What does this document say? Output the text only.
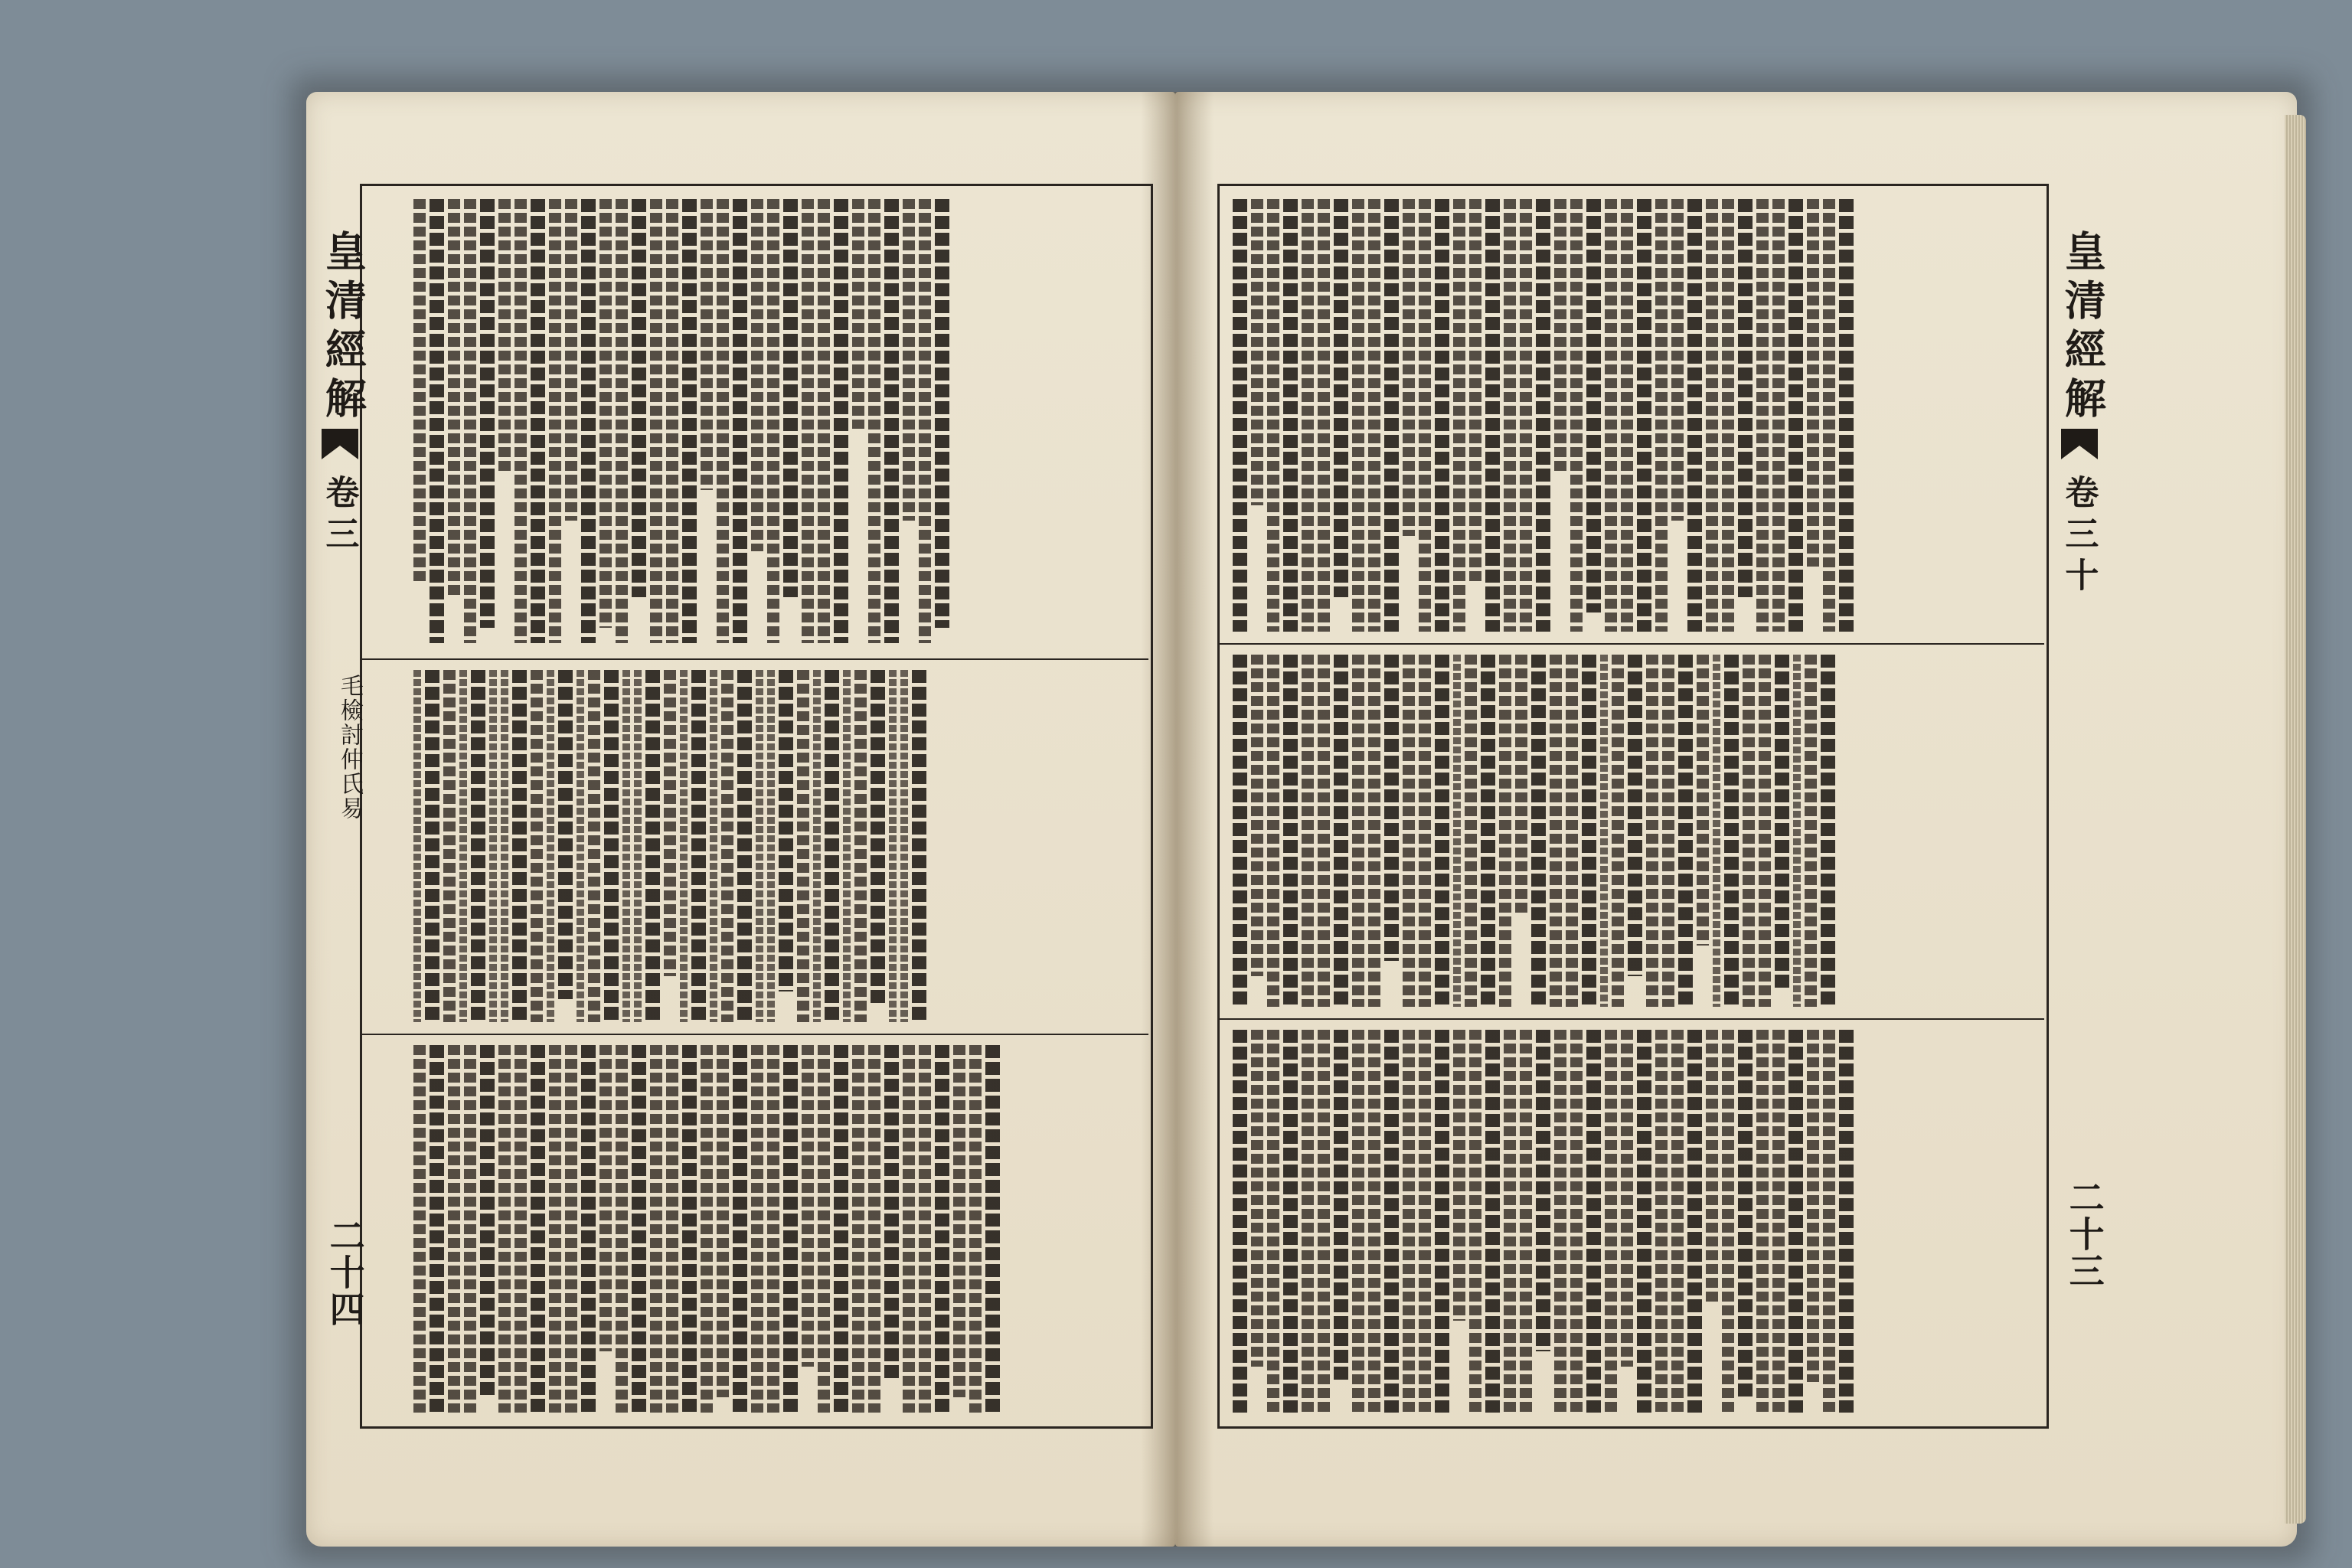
皇清經解
卷三
二十四
毛檢討仲氏易
皇清經解
卷三十
二十三
